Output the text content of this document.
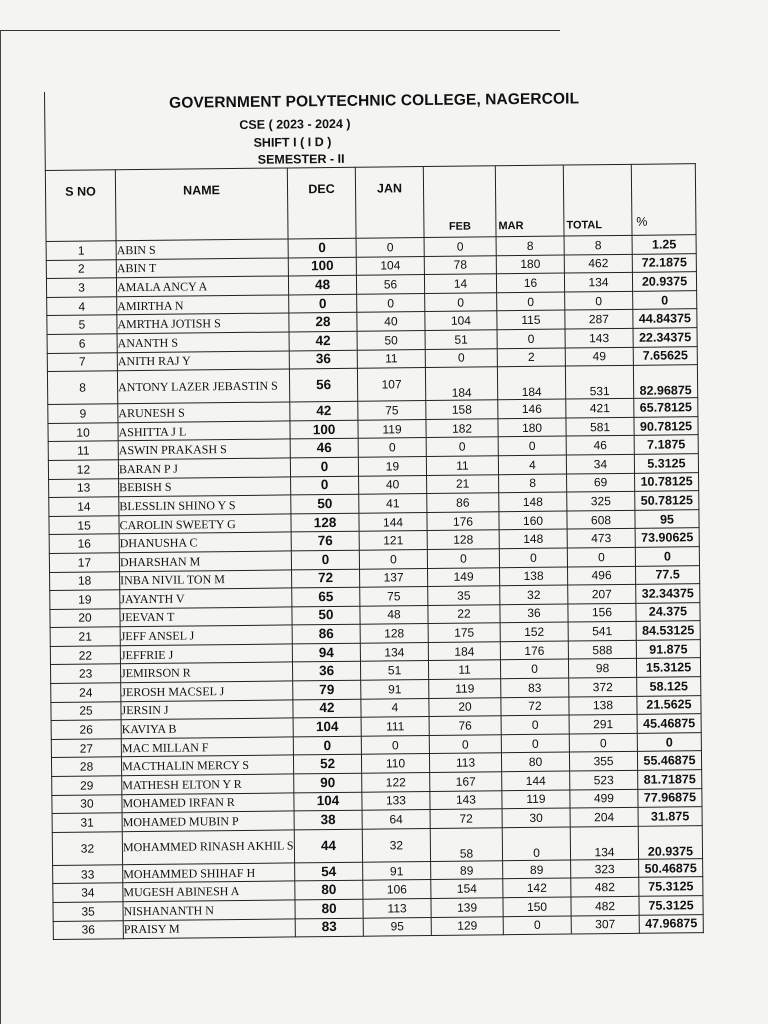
GOVERNMENT POLYTECHNIC COLLEGE, NAGERCOIL
CSE ( 2023 - 2024 )
SHIFT I ( I D )
SEMESTER - II
S NO	NAME	DEC	JAN	FEB	MAR	TOTAL	%
1	ABIN S	0	0	0	8	8	1.25
2	ABIN T	100	104	78	180	462	72.1875
3	AMALA ANCY A	48	56	14	16	134	20.9375
4	AMIRTHA N	0	0	0	0	0	0
5	AMRTHA JOTISH S	28	40	104	115	287	44.84375
6	ANANTH S	42	50	51	0	143	22.34375
7	ANITH RAJ Y	36	11	0	2	49	7.65625
8	ANTONY LAZER JEBASTIN S	56	107	184	184	531	82.96875
9	ARUNESH S	42	75	158	146	421	65.78125
10	ASHITTA J L	100	119	182	180	581	90.78125
11	ASWIN PRAKASH S	46	0	0	0	46	7.1875
12	BARAN P J	0	19	11	4	34	5.3125
13	BEBISH S	0	40	21	8	69	10.78125
14	BLESSLIN SHINO Y S	50	41	86	148	325	50.78125
15	CAROLIN SWEETY G	128	144	176	160	608	95
16	DHANUSHA C	76	121	128	148	473	73.90625
17	DHARSHAN M	0	0	0	0	0	0
18	INBA NIVIL TON M	72	137	149	138	496	77.5
19	JAYANTH V	65	75	35	32	207	32.34375
20	JEEVAN T	50	48	22	36	156	24.375
21	JEFF ANSEL J	86	128	175	152	541	84.53125
22	JEFFRIE J	94	134	184	176	588	91.875
23	JEMIRSON R	36	51	11	0	98	15.3125
24	JEROSH MACSEL J	79	91	119	83	372	58.125
25	JERSIN J	42	4	20	72	138	21.5625
26	KAVIYA B	104	111	76	0	291	45.46875
27	MAC MILLAN F	0	0	0	0	0	0
28	MACTHALIN MERCY S	52	110	113	80	355	55.46875
29	MATHESH ELTON Y R	90	122	167	144	523	81.71875
30	MOHAMED IRFAN R	104	133	143	119	499	77.96875
31	MOHAMED MUBIN P	38	64	72	30	204	31.875
32	MOHAMMED RINASH AKHIL S	44	32	58	0	134	20.9375
33	MOHAMMED SHIHAF H	54	91	89	89	323	50.46875
34	MUGESH ABINESH A	80	106	154	142	482	75.3125
35	NISHANANTH N	80	113	139	150	482	75.3125
36	PRAISY M	83	95	129	0	307	47.96875
